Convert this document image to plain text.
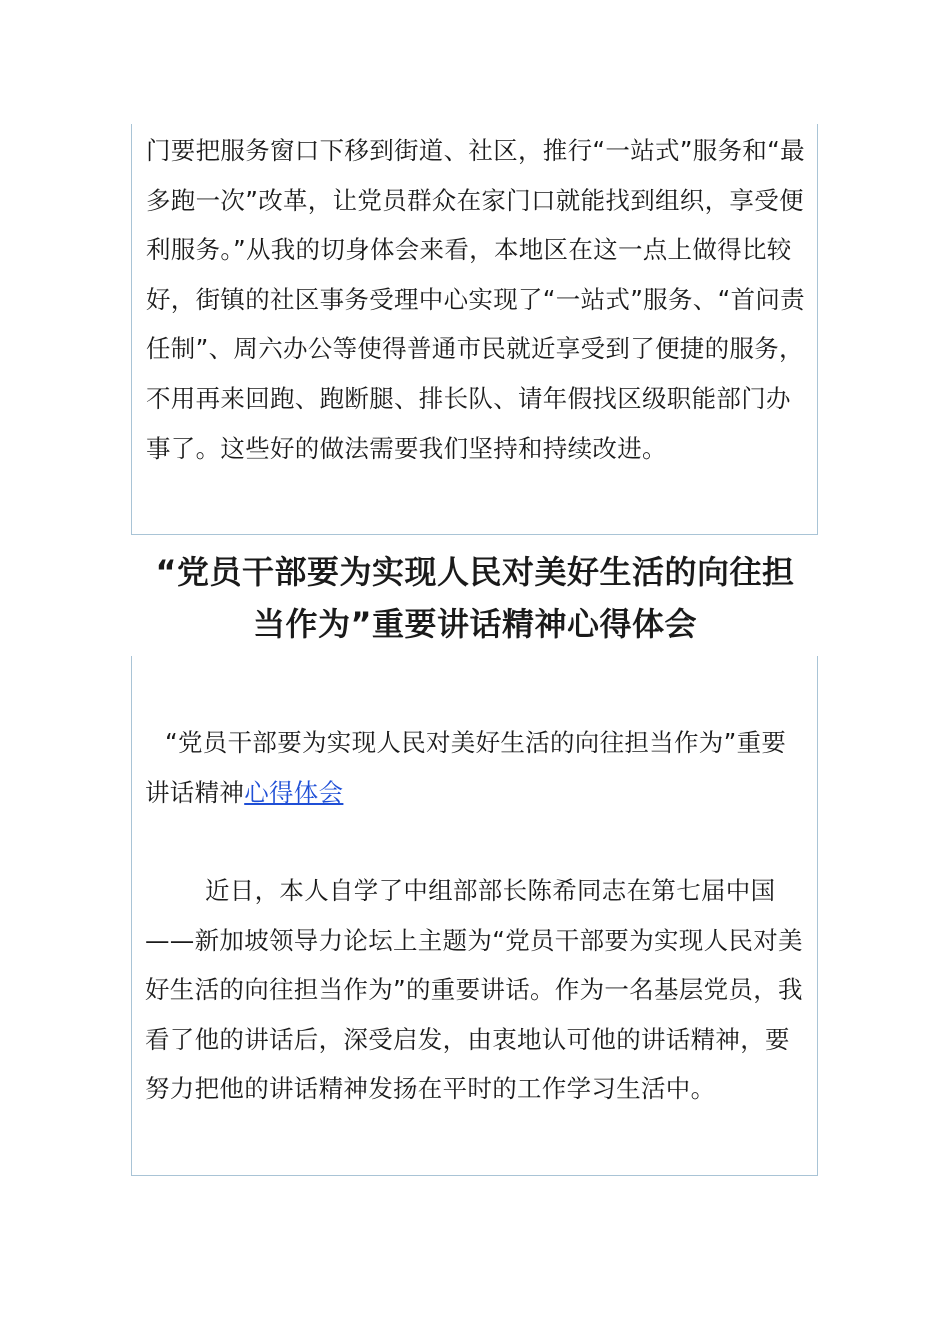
门要把服务窗口下移到街道、社区，推行“一站式”服务和“最多跑一次”改革，让党员群众在家门口就能找到组织，享受便利服务。”从我的切身体会来看，本地区在这一点上做得比较好，街镇的社区事务受理中心实现了“一站式”服务、“首问责任制”、周六办公等使得普通市民就近享受到了便捷的服务，不用再来回跑、跑断腿、排长队、请年假找区级职能部门办事了。这些好的做法需要我们坚持和持续改进。

“党员干部要为实现人民对美好生活的向往担当作为”重要讲话精神心得体会

“党员干部要为实现人民对美好生活的向往担当作为”重要讲话精神心得体会

近日，本人自学了中组部部长陈希同志在第七届中国——新加坡领导力论坛上主题为“党员干部要为实现人民对美好生活的向往担当作为”的重要讲话。作为一名基层党员，我看了他的讲话后，深受启发，由衷地认可他的讲话精神，要努力把他的讲话精神发扬在平时的工作学习生活中。
